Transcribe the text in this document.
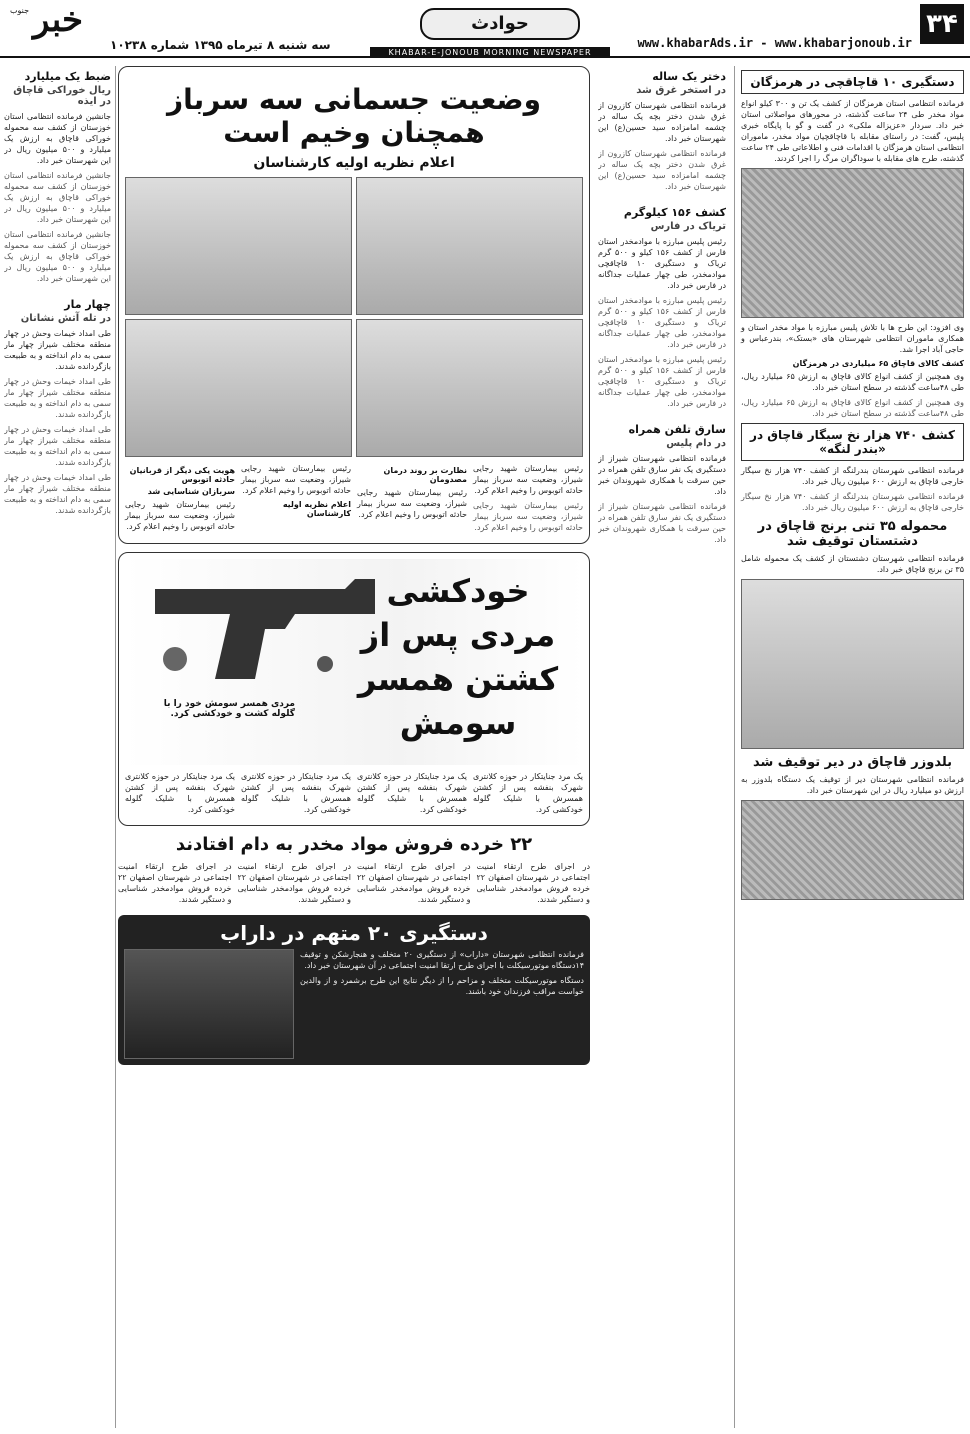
۳۴
www.khabarAds.ir - www.khabarjonoub.ir
حوادث
جنوب خبر
سه شنبه ۸ تیرماه ۱۳۹۵ شماره ۱۰۲۳۸
KHABAR-E-JONOUB MORNING NEWSPAPER
دستگیری ۱۰ قاچاقچی در هرمزگان

فرمانده انتظامی استان هرمزگان از کشف یک تن و ۳۰۰ کیلو انواع مواد مخدر طی ۲۴ ساعت گذشته، در محورهای مواصلاتی استان خبر داد. سردار «عزیزاله ملکی» در گفت و گو با پایگاه خبری پلیس، گفت: در راستای مقابله با قاچاقچیان مواد مخدر، ماموران انتظامی استان هرمزگان با اقدامات فنی و اطلاعاتی طی ۲۴ ساعت گذشته، طرح های مقابله با سوداگران مرگ را اجرا کردند.

وی افزود: این طرح ها با تلاش پلیس مبارزه با مواد مخدر استان و همکاری ماموران انتظامی شهرستان های «بستک»، بندرعباس و حاجی آباد اجرا شد.

کشف کالای قاچاق ۶۵ میلیاردی در هرمزگان

وی همچنین از کشف انواع کالای قاچاق به ارزش ۶۵ میلیارد ریال، طی ۴۸ساعت گذشته در سطح استان خبر داد.

وی همچنین از کشف انواع کالای قاچاق به ارزش ۶۵ میلیارد ریال، طی ۴۸ساعت گذشته در سطح استان خبر داد.

کشف ۷۴۰ هزار نخ سیگار قاچاق در «بندر لنگه»

فرمانده انتظامی شهرستان بندرلنگه از کشف ۷۴۰ هزار نخ سیگار خارجی قاچاق به ارزش ۶۰۰ میلیون ریال خبر داد.

فرمانده انتظامی شهرستان بندرلنگه از کشف ۷۴۰ هزار نخ سیگار خارجی قاچاق به ارزش ۶۰۰ میلیون ریال خبر داد.

محموله ۳۵ تنی برنج قاچاق در دشتستان توقیف شد

فرمانده انتظامی شهرستان دشتستان از کشف یک محموله شامل ۳۵ تن برنج قاچاق خبر داد.

بلدوزر قاچاق در دیر توقیف شد

فرمانده انتظامی شهرستان دیر از توقیف یک دستگاه بلدوزر به ارزش دو میلیارد ریال در این شهرستان خبر داد.

دختر یک ساله
در استخر غرق شد

فرمانده انتظامی شهرستان کازرون از غرق شدن دختر بچه یک ساله در چشمه امامزاده سید حسین(ع) این شهرستان خبر داد.

فرمانده انتظامی شهرستان کازرون از غرق شدن دختر بچه یک ساله در چشمه امامزاده سید حسین(ع) این شهرستان خبر داد.

کشف ۱۵۶ کیلوگرم
تریاک در فارس

رئیس پلیس مبارزه با موادمخدر استان فارس از کشف ۱۵۶ کیلو و ۵۰۰ گرم تریاک و دستگیری ۱۰ قاچاقچی موادمخدر، طی چهار عملیات جداگانه در فارس خبر داد.

رئیس پلیس مبارزه با موادمخدر استان فارس از کشف ۱۵۶ کیلو و ۵۰۰ گرم تریاک و دستگیری ۱۰ قاچاقچی موادمخدر، طی چهار عملیات جداگانه در فارس خبر داد.

رئیس پلیس مبارزه با موادمخدر استان فارس از کشف ۱۵۶ کیلو و ۵۰۰ گرم تریاک و دستگیری ۱۰ قاچاقچی موادمخدر، طی چهار عملیات جداگانه در فارس خبر داد.

سارق تلفن همراه
در دام پلیس

فرمانده انتظامی شهرستان شیراز از دستگیری یک نفر سارق تلفن همراه در حین سرقت با همکاری شهروندان خبر داد.

فرمانده انتظامی شهرستان شیراز از دستگیری یک نفر سارق تلفن همراه در حین سرقت با همکاری شهروندان خبر داد.

وضعیت جسمانی سه سرباز همچنان وخیم است
اعلام نظریه اولیه کارشناسان

رئیس بیمارستان شهید رجایی شیراز، وضعیت سه سرباز بیمار حادثه اتوبوس را وخیم اعلام کرد.

رئیس بیمارستان شهید رجایی شیراز، وضعیت سه سرباز بیمار حادثه اتوبوس را وخیم اعلام کرد.

نظارت بر روند درمان مصدومان

رئیس بیمارستان شهید رجایی شیراز، وضعیت سه سرباز بیمار حادثه اتوبوس را وخیم اعلام کرد.

رئیس بیمارستان شهید رجایی شیراز، وضعیت سه سرباز بیمار حادثه اتوبوس را وخیم اعلام کرد.

اعلام نظریه اولیه کارشناسان
هویت یکی دیگر از قربانیان حادثه اتوبوس
سربازان شناسایی شد

رئیس بیمارستان شهید رجایی شیراز، وضعیت سه سرباز بیمار حادثه اتوبوس را وخیم اعلام کرد.

خودکشی مردی پس از
کشتن همسر سومش
مردی همسر سومش خود را با گلوله کشت و خودکشی کرد.

یک مرد جنایتکار در حوزه کلانتری شهرک بنفشه پس از کشتن همسرش با شلیک گلوله خودکشی کرد.

یک مرد جنایتکار در حوزه کلانتری شهرک بنفشه پس از کشتن همسرش با شلیک گلوله خودکشی کرد.

یک مرد جنایتکار در حوزه کلانتری شهرک بنفشه پس از کشتن همسرش با شلیک گلوله خودکشی کرد.

یک مرد جنایتکار در حوزه کلانتری شهرک بنفشه پس از کشتن همسرش با شلیک گلوله خودکشی کرد.

۲۲ خرده فروش مواد مخدر به دام افتادند

در اجرای طرح ارتقاء امنیت اجتماعی در شهرستان اصفهان ۲۲ خرده فروش موادمخدر شناسایی و دستگیر شدند.

در اجرای طرح ارتقاء امنیت اجتماعی در شهرستان اصفهان ۲۲ خرده فروش موادمخدر شناسایی و دستگیر شدند.

در اجرای طرح ارتقاء امنیت اجتماعی در شهرستان اصفهان ۲۲ خرده فروش موادمخدر شناسایی و دستگیر شدند.

در اجرای طرح ارتقاء امنیت اجتماعی در شهرستان اصفهان ۲۲ خرده فروش موادمخدر شناسایی و دستگیر شدند.

دستگیری ۲۰ متهم در داراب

فرمانده انتظامی شهرستان «داراب» از دستگیری ۲۰ متخلف و هنجارشکن و توقیف ۱۴دستگاه موتورسیکلت با اجرای طرح ارتقا امنیت اجتماعی در آن شهرستان خبر داد.

دستگاه موتورسیکلت متخلف و مزاحم را از دیگر نتایج این طرح برشمرد و از والدین خواست مراقب فرزندان خود باشند.

ضبط یک میلیارد
ریال خوراکی قاچاق در ایذه

جانشین فرمانده انتظامی استان خوزستان از کشف سه محموله خوراکی قاچاق به ارزش یک میلیارد و ۵۰۰ میلیون ریال در این شهرستان خبر داد.

جانشین فرمانده انتظامی استان خوزستان از کشف سه محموله خوراکی قاچاق به ارزش یک میلیارد و ۵۰۰ میلیون ریال در این شهرستان خبر داد.

جانشین فرمانده انتظامی استان خوزستان از کشف سه محموله خوراکی قاچاق به ارزش یک میلیارد و ۵۰۰ میلیون ریال در این شهرستان خبر داد.

چهار مار
در تله آتش نشانان

طی امداد خیمات وحش در چهار منطقه مختلف شیراز چهار مار سمی به دام انداخته و به طبیعت بازگردانده شدند.

طی امداد خیمات وحش در چهار منطقه مختلف شیراز چهار مار سمی به دام انداخته و به طبیعت بازگردانده شدند.

طی امداد خیمات وحش در چهار منطقه مختلف شیراز چهار مار سمی به دام انداخته و به طبیعت بازگردانده شدند.

طی امداد خیمات وحش در چهار منطقه مختلف شیراز چهار مار سمی به دام انداخته و به طبیعت بازگردانده شدند.
